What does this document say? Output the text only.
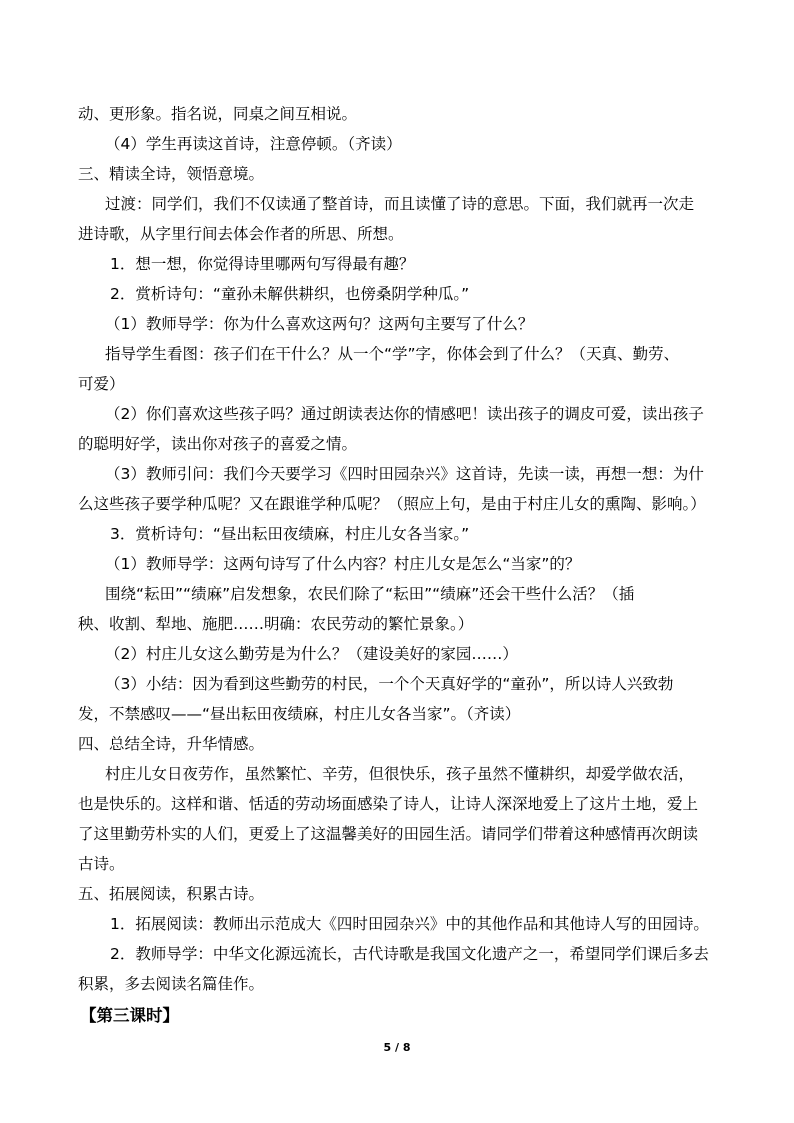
动、更形象。指名说，同桌之间互相说。
（4）学生再读这首诗，注意停顿。（齐读）
三、精读全诗，领悟意境。
过渡：同学们，我们不仅读通了整首诗，而且读懂了诗的意思。下面，我们就再一次走
进诗歌，从字里行间去体会作者的所思、所想。
1．想一想，你觉得诗里哪两句写得最有趣？
2．赏析诗句：“童孙未解供耕织，也傍桑阴学种瓜。”
（1）教师导学：你为什么喜欢这两句？这两句主要写了什么？
指导学生看图：孩子们在干什么？从一个“学”字，你体会到了什么？（天真、勤劳、
可爱）
（2）你们喜欢这些孩子吗？通过朗读表达你的情感吧！读出孩子的调皮可爱，读出孩子
的聪明好学，读出你对孩子的喜爱之情。
（3）教师引问：我们今天要学习《四时田园杂兴》这首诗，先读一读，再想一想：为什
么这些孩子要学种瓜呢？又在跟谁学种瓜呢？（照应上句，是由于村庄儿女的熏陶、影响。）
3．赏析诗句：“昼出耘田夜绩麻，村庄儿女各当家。”
（1）教师导学：这两句诗写了什么内容？村庄儿女是怎么“当家”的？
围绕“耘田”“绩麻”启发想象，农民们除了“耘田”“绩麻”还会干些什么活？（插
秧、收割、犁地、施肥……明确：农民劳动的繁忙景象。）
（2）村庄儿女这么勤劳是为什么？（建设美好的家园……）
（3）小结：因为看到这些勤劳的村民，一个个天真好学的“童孙”，所以诗人兴致勃
发，不禁感叹——“昼出耘田夜绩麻，村庄儿女各当家”。（齐读）
四、总结全诗，升华情感。
村庄儿女日夜劳作，虽然繁忙、辛劳，但很快乐，孩子虽然不懂耕织，却爱学做农活，
也是快乐的。这样和谐、恬适的劳动场面感染了诗人，让诗人深深地爱上了这片土地，爱上
了这里勤劳朴实的人们，更爱上了这温馨美好的田园生活。请同学们带着这种感情再次朗读
古诗。
五、拓展阅读，积累古诗。
1．拓展阅读：教师出示范成大《四时田园杂兴》中的其他作品和其他诗人写的田园诗。
2．教师导学：中华文化源远流长，古代诗歌是我国文化遗产之一，希望同学们课后多去
积累，多去阅读名篇佳作。
【第三课时】
5 / 8
